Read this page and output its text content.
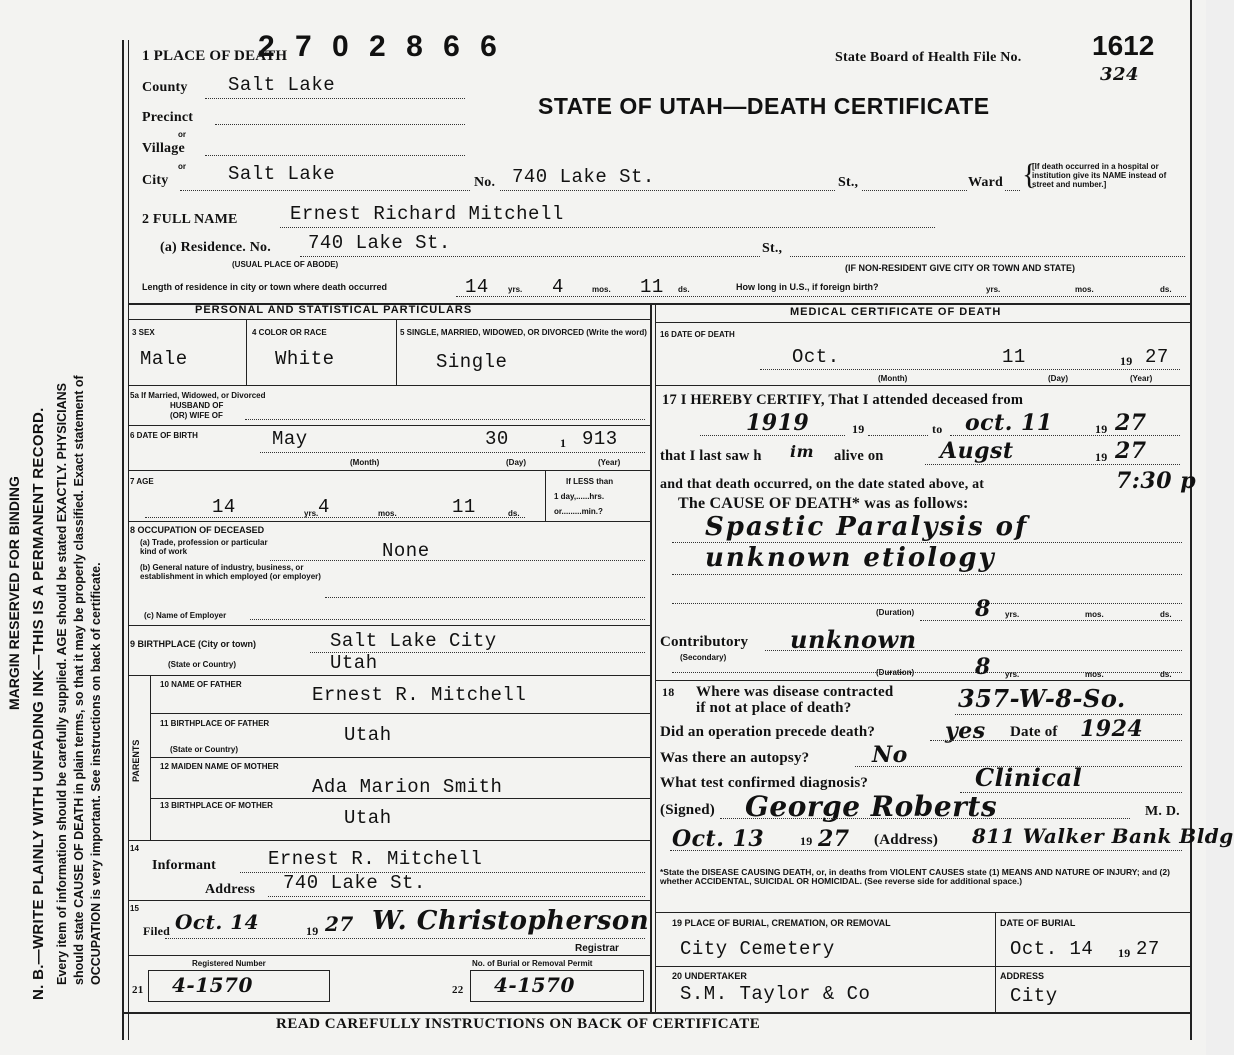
MARGIN RESERVED FOR BINDING N. B.—WRITE PLAINLY WITH UNFADING INK—THIS IS A PERMANENT RECORD. Every item of information should be carefully supplied. AGE should be stated EXACTLY. PHYSICIANS should state CAUSE OF DEATH in plain terms, so that it may be properly classified. Exact statement of OCCUPATION is very important. See instructions on back of certificate.
1 PLACE OF DEATH
2 7 0 2 8 6 6	State Board of Health File No.	1612
324
STATE OF UTAH—DEATH CERTIFICATE
County Salt Lake
Precinct
or
Village
or
City	Salt Lake	No. 740 Lake St.	St.,	Ward {
[If death occurred in a hospital or institution give its NAME instead of street and number.]
2 FULL NAME	Ernest Richard Mitchell
(a) Residence. No. 740 Lake St.	St.,
(USUAL PLACE OF ABODE)	(IF NON-RESIDENT GIVE CITY OR TOWN AND STATE)
Length of residence in city or town where death occurred	14 yrs. 4	mos. 11 ds.	How long in U.S., if foreign birth?	yrs.	mos.	ds.
PERSONAL AND STATISTICAL PARTICULARS	MEDICAL CERTIFICATE OF DEATH
3 SEX
Male
4 COLOR OR RACE
White
5 SINGLE, MARRIED, WIDOWED, OR DIVORCED (Write the word)
Single
5a If Married, Widowed, or Divorced
HUSBAND OF
(OR) WIFE OF
6 DATE OF BIRTH	May	30	1 913
(Month)	(Day)	(Year)
7 AGE
14	yrs. 4	mos.	11	ds.
If LESS than
1 day,......hrs.
or.........min.?
8 OCCUPATION OF DECEASED
(a) Trade, profession or particular kind of work	None
(b) General nature of industry, business, or establishment in which employed (or employer)
(c) Name of Employer
9 BIRTHPLACE (City or town)	Salt Lake City
(State or Country)	Utah
PARENTS
10 NAME OF FATHER	Ernest R. Mitchell
11 BIRTHPLACE OF FATHER
(State or Country)
Utah
12 MAIDEN NAME OF MOTHER
Ada Marion Smith
13 BIRTHPLACE OF MOTHER
Utah
14
Informant	Ernest R. Mitchell
Address 740 Lake St.
15
Filed Oct. 14	19 27 W. Christopherson
Registrar
Registered Number	No. of Burial or Removal Permit
21 4-1570	22 4-1570
16 DATE OF DEATH
Oct.	11	19 27
(Month)	(Day)	(Year)
17 I HEREBY CERTIFY, That I attended deceased from
1919	19	to oct. 11	19 27
that I last saw h im alive on	Augst	19 27
and that death occurred, on the date stated above, at	7:30 p
The CAUSE OF DEATH* was as follows:
Spastic Paralysis of
unknown etiology
(Duration)	8 yrs.	mos.	ds.
Contributory
(Secondary)
unknown
(Duration)	8 yrs.	mos.	ds.
18 Where was disease contracted
if not at place of death?	357-W-8-So.
Did an operation precede death?	yes Date of 1924
Was there an autopsy?	No
What test confirmed diagnosis?	Clinical
(Signed) George Roberts	M. D.
Oct. 13	19 27 (Address) 811 Walker Bank Bldg
*State the DISEASE CAUSING DEATH, or, in deaths from VIOLENT CAUSES state (1) MEANS AND NATURE OF INJURY; and (2) whether ACCIDENTAL, SUICIDAL OR HOMICIDAL. (See reverse side for additional space.)
19 PLACE OF BURIAL, CREMATION, OR REMOVAL
City Cemetery
DATE OF BURIAL
Oct. 14 19 27
20 UNDERTAKER
S.M. Taylor & Co
ADDRESS
City
READ CAREFULLY INSTRUCTIONS ON BACK OF CERTIFICATE
